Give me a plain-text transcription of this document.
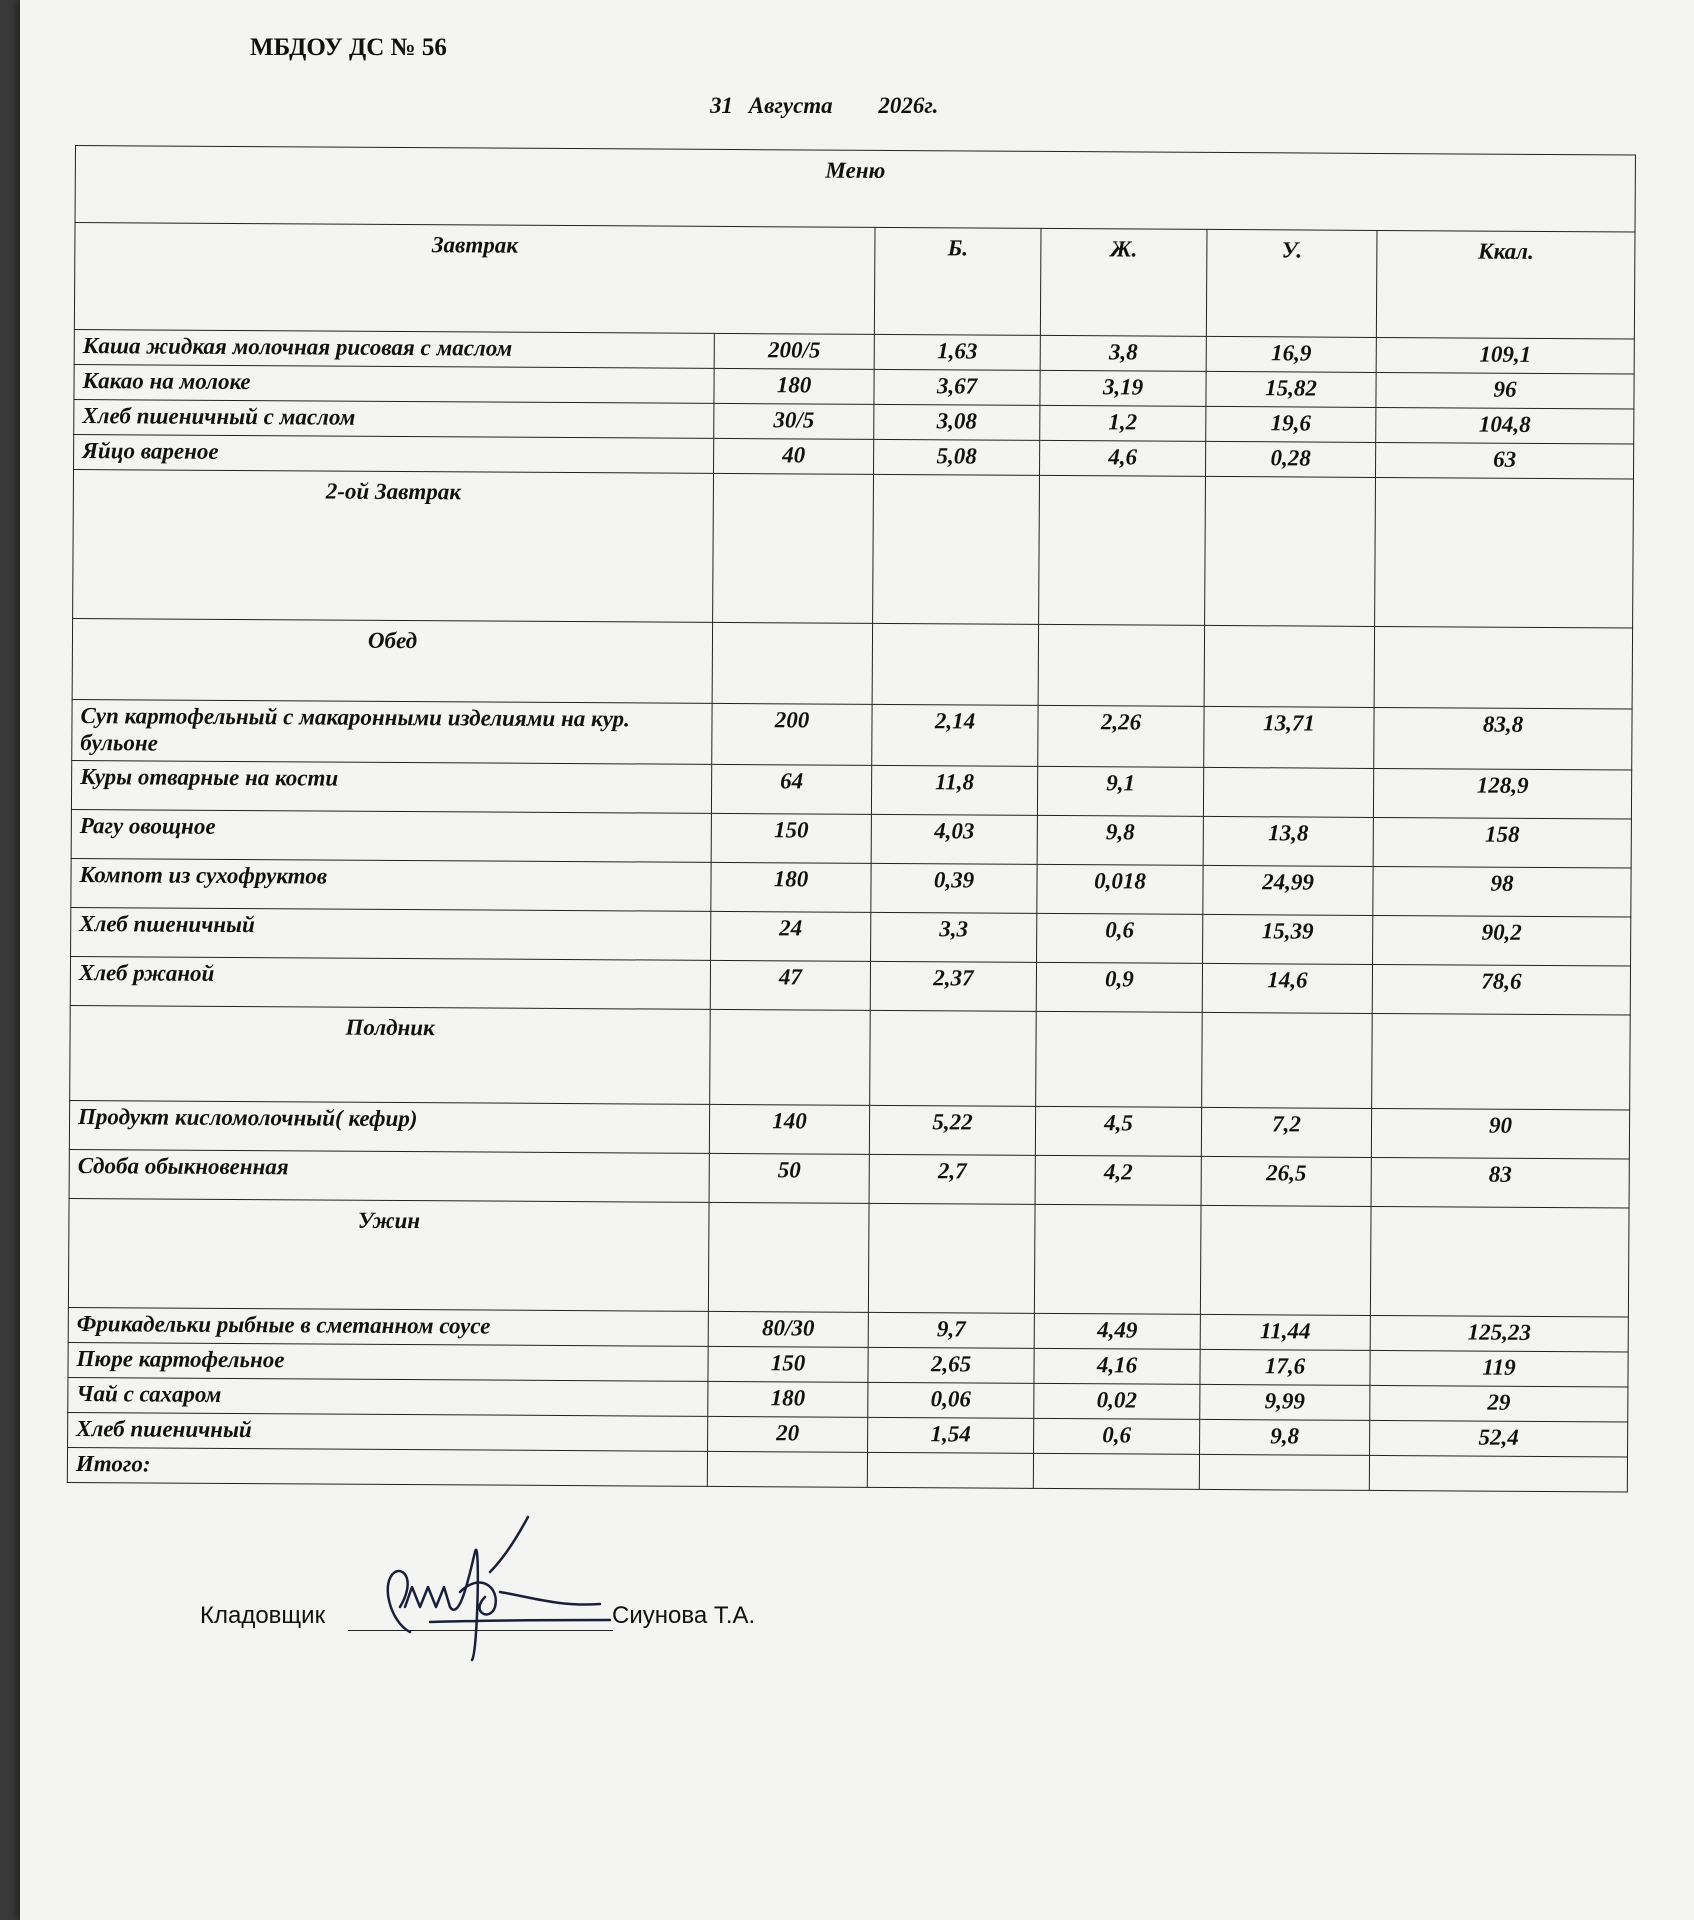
МБДОУ ДС № 56
31 Августа 2026г.
Меню					
Завтрак		Б.	Ж.	У.	Ккал.
Каша жидкая молочная рисовая с маслом	200/5	1,63	3,8	16,9	109,1
Какао на молоке	180	3,67	3,19	15,82	96
Хлеб пшеничный с маслом	30/5	3,08	1,2	19,6	104,8
Яйцо вареное	40	5,08	4,6	0,28	63
2-ой Завтрак					
Обед					
Суп картофельный с макаронными изделиями на кур. бульоне	200	2,14	2,26	13,71	83,8
Куры отварные на кости	64	11,8	9,1		128,9
Рагу овощное	150	4,03	9,8	13,8	158
Компот из сухофруктов	180	0,39	0,018	24,99	98
Хлеб пшеничный	24	3,3	0,6	15,39	90,2
Хлеб ржаной	47	2,37	0,9	14,6	78,6
Полдник					
Продукт кисломолочный( кефир)	140	5,22	4,5	7,2	90
Сдоба обыкновенная	50	2,7	4,2	26,5	83
Ужин					
Фрикадельки рыбные в сметанном соусе	80/30	9,7	4,49	11,44	125,23
Пюре картофельное	150	2,65	4,16	17,6	119
Чай с сахаром	180	0,06	0,02	9,99	29
Хлеб пшеничный	20	1,54	0,6	9,8	52,4
Итого:					
Кладовщик	Сиунова Т.А.
